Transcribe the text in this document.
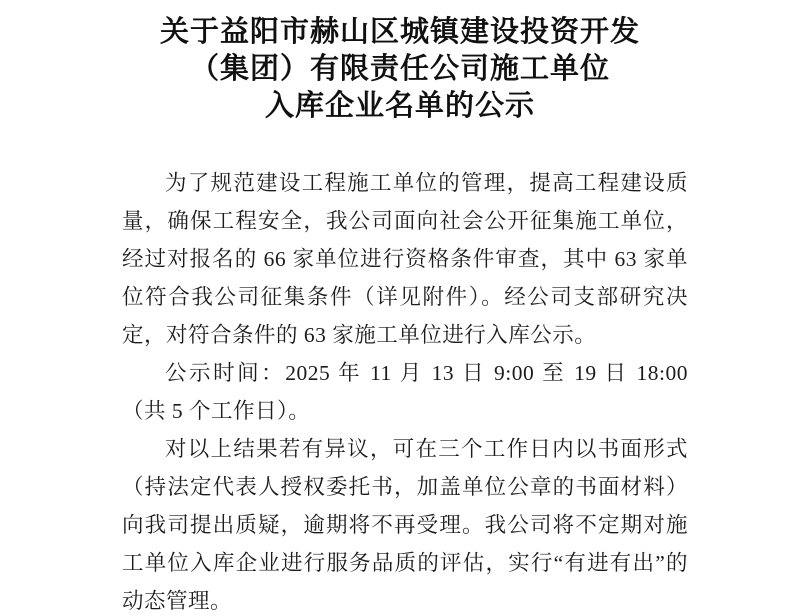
关于益阳市赫山区城镇建设投资开发
（集团）有限责任公司施工单位
入库企业名单的公示

为了规范建设工程施工单位的管理，提高工程建设质量，确保工程安全，我公司面向社会公开征集施工单位，经过对报名的 66 家单位进行资格条件审查，其中 63 家单位符合我公司征集条件（详见附件）。经公司支部研究决定，对符合条件的 63 家施工单位进行入库公示。

公示时间：2025 年 11 月 13 日 9:00 至 19 日 18:00（共 5 个工作日）。

对以上结果若有异议，可在三个工作日内以书面形式（持法定代表人授权委托书，加盖单位公章的书面材料）向我司提出质疑，逾期将不再受理。我公司将不定期对施工单位入库企业进行服务品质的评估，实行“有进有出”的动态管理。
